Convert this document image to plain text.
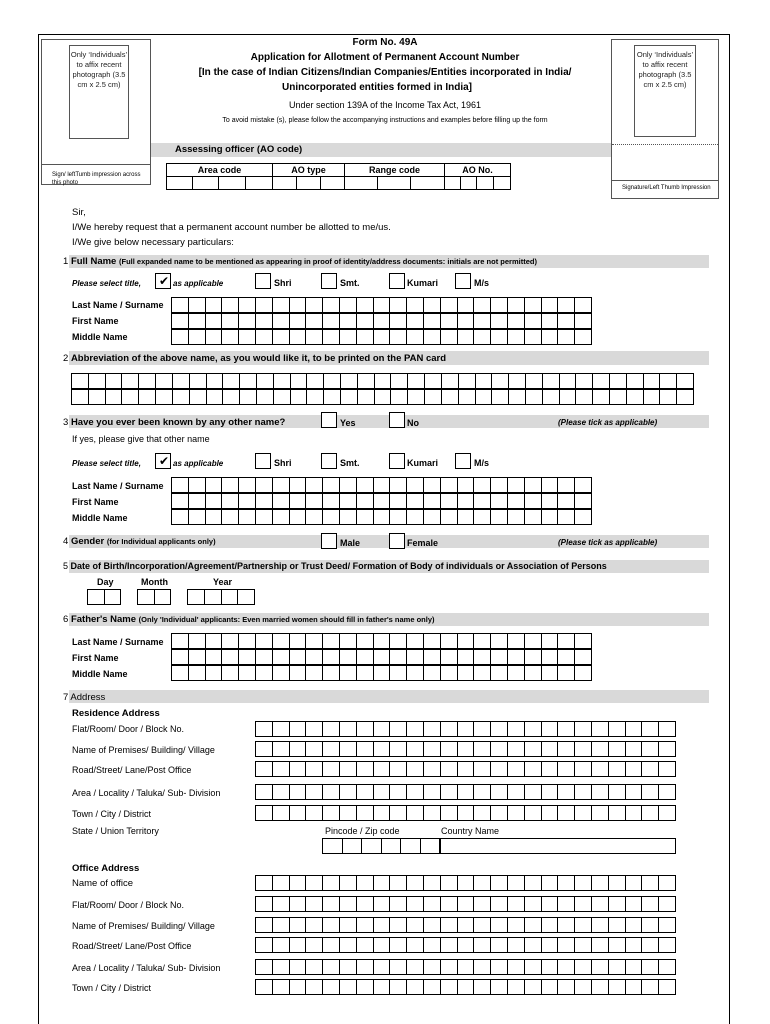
Only ‘Individuals’ to affix recent photograph (3.5 cm x 2.5 cm)
Sign/ leftTumb impression across this photo
Only ‘Individuals’ to affix recent photograph (3.5 cm x 2.5 cm)
Signature/Left Thumb Impression
Form No. 49A
Application for Allotment of Permanent Account Number
[In the case of Indian Citizens/Indian Companies/Entities incorporated in India/
Unincorporated entities formed in India]
Under section 139A of the Income Tax Act, 1961
To avoid mistake (s), please follow the accompanying instructions and examples before filling up the form
Assessing officer (AO code)
Area code				AO type			Range code			AO No.			

Sir,
I/We hereby request that a permanent account number be allotted to me/us.
I/We give below necessary particulars:
1 Full Name (Full expanded name to be mentioned as appearing in proof of identity/address documents: initials are not permitted)
Please select title, ✔ as applicable	Shri	Smt.	Kumari	M/s
Last Name / Surname
First Name
Middle Name
2 Abbreviation of the above name, as you would like it, to be printed on the PAN card
3 Have you ever been known by any other name?	Yes	No	(Please tick as applicable)
If yes, please give that other name
Please select title, ✔ as applicable	Shri	Smt.	Kumari	M/s
Last Name / Surname
First Name
Middle Name
4 Gender (for Individual applicants only)	Male	Female	(Please tick as applicable)
5 Date of Birth/Incorporation/Agreement/Partnership or Trust Deed/ Formation of Body of individuals or Association of Persons
Day	Month	Year
6 Father's Name (Only 'Individual' applicants: Even married women should fill in father's name only)
Last Name / Surname
First Name
Middle Name
7 Address
Residence Address
Flat/Room/ Door / Block No.
Name of Premises/ Building/ Village
Road/Street/ Lane/Post Office
Area / Locality / Taluka/ Sub- Division
Town / City / District
State / Union Territory	Pincode / Zip code	Country Name
Office Address
Name of office
Flat/Room/ Door / Block No.
Name of Premises/ Building/ Village
Road/Street/ Lane/Post Office
Area / Locality / Taluka/ Sub- Division
Town / City / District
